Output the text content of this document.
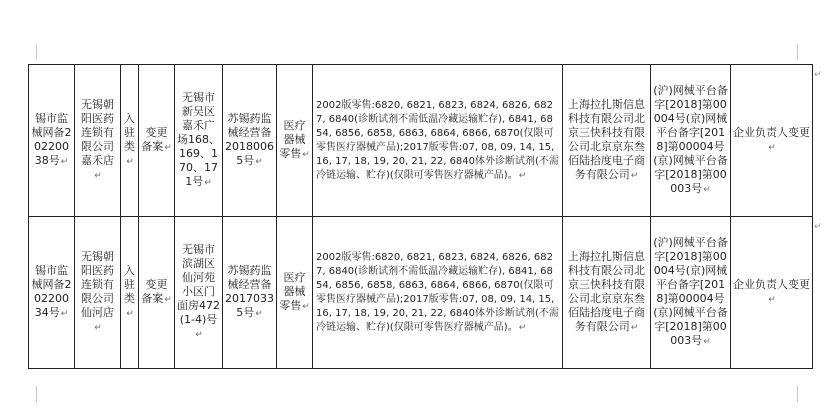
锡市监械网备20220038号↵	无锡朝阳医药连锁有限公司嘉禾店↵	入驻类↵	变更备案↵	无锡市新吴区嘉禾广场168、169、170、171号↵	苏锡药监械经营备20180065号↵	医疗器械零售↵	2002版零售:6820, 6821, 6823, 6824, 6826, 6827, 6840(诊断试剂不需低温冷藏运输贮存), 6841, 6854, 6856, 6858, 6863, 6864, 6866, 6870(仅限可零售医疗器械产品);2017版零售:07, 08, 09, 14, 15, 16, 17, 18, 19, 20, 21, 22, 6840体外诊断试剂(不需冷链运输、贮存)(仅限可零售医疗器械产品)。↵	上海拉扎斯信息科技有限公司北京三快科技有限公司北京京东叁佰陆拾度电子商务有限公司↵	(沪)网械平台备字[2018]第00004号(京)网械平台备字[2018]第00004号(京)网械平台备字[2018]第00003号↵	企业负责人变更↵
锡市监械网备20220034号↵	无锡朝阳医药连锁有限公司仙河店↵	入驻类↵	变更备案↵	无锡市滨湖区仙河苑小区门面房472(1-4)号↵	苏锡药监械经营备20170335号↵	医疗器械零售↵	2002版零售:6820, 6821, 6823, 6824, 6826, 6827, 6840(诊断试剂不需低温冷藏运输贮存), 6841, 6854, 6856, 6858, 6863, 6864, 6866, 6870(仅限可零售医疗器械产品);2017版零售:07, 08, 09, 14, 15, 16, 17, 18, 19, 20, 21, 22, 6840体外诊断试剂(不需冷链运输、贮存)(仅限可零售医疗器械产品)。↵	上海拉扎斯信息科技有限公司北京三快科技有限公司北京京东叁佰陆拾度电子商务有限公司↵	(沪)网械平台备字[2018]第00004号(京)网械平台备字[2018]第00004号(京)网械平台备字[2018]第00003号↵	企业负责人变更↵
↵
↵
